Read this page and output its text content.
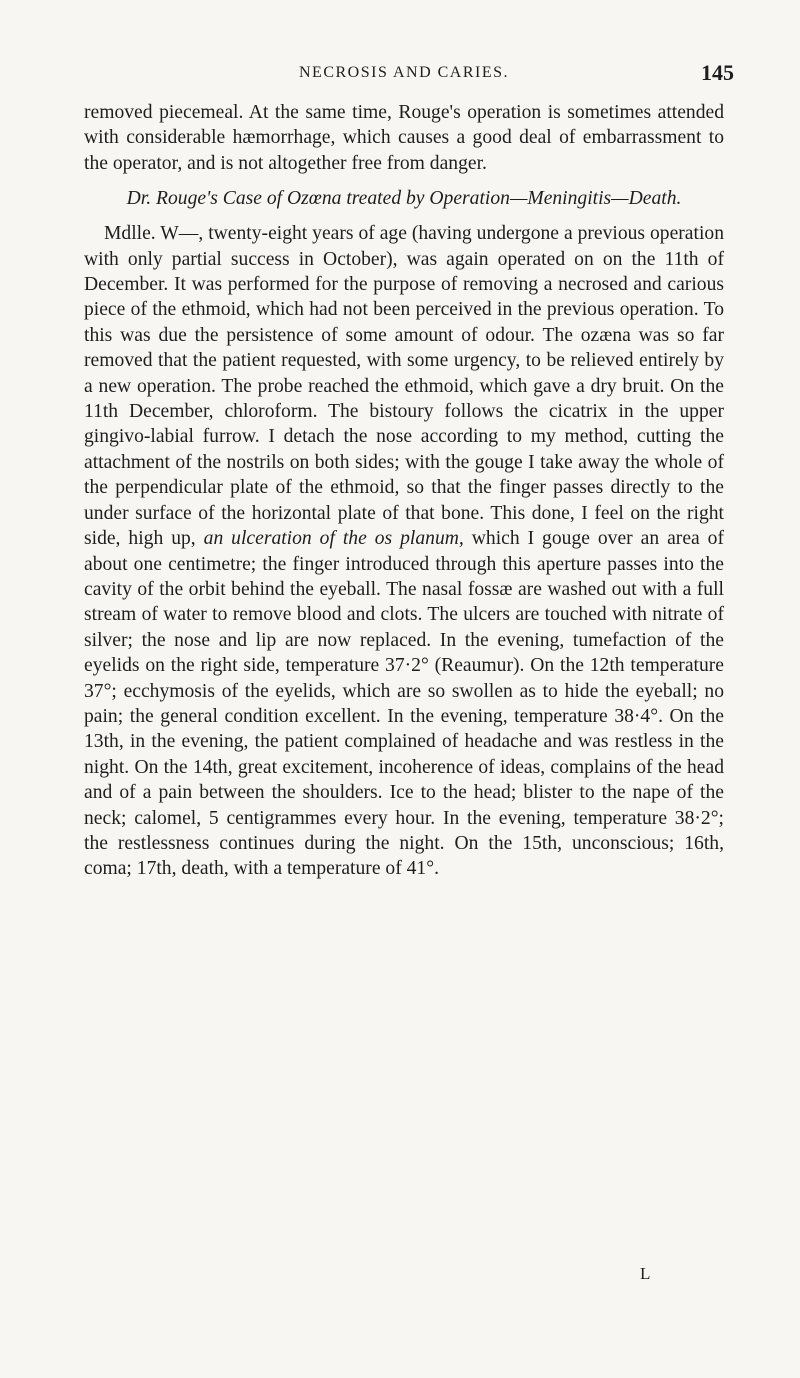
NECROSIS AND CARIES.	145

removed piecemeal. At the same time, Rouge's operation is sometimes attended with considerable hæmorrhage, which causes a good deal of embarrassment to the operator, and is not altogether free from danger.

Dr. Rouge's Case of Ozœna treated by Operation—Meningitis—Death.

Mdlle. W—, twenty-eight years of age (having undergone a previous operation with only partial success in October), was again operated on on the 11th of December. It was performed for the purpose of removing a necrosed and carious piece of the ethmoid, which had not been perceived in the previous operation. To this was due the persistence of some amount of odour. The ozæna was so far removed that the patient requested, with some urgency, to be relieved entirely by a new operation. The probe reached the ethmoid, which gave a dry bruit. On the 11th December, chloroform. The bistoury follows the cicatrix in the upper gingivo-labial furrow. I detach the nose according to my method, cutting the attachment of the nostrils on both sides; with the gouge I take away the whole of the perpendicular plate of the ethmoid, so that the finger passes directly to the under surface of the horizontal plate of that bone. This done, I feel on the right side, high up, an ulceration of the os planum, which I gouge over an area of about one centimetre; the finger introduced through this aperture passes into the cavity of the orbit behind the eyeball. The nasal fossæ are washed out with a full stream of water to remove blood and clots. The ulcers are touched with nitrate of silver; the nose and lip are now replaced. In the evening, tumefaction of the eyelids on the right side, temperature 37·2° (Reaumur). On the 12th temperature 37°; ecchymosis of the eyelids, which are so swollen as to hide the eyeball; no pain; the general condition excellent. In the evening, temperature 38·4°. On the 13th, in the evening, the patient complained of headache and was restless in the night. On the 14th, great excitement, incoherence of ideas, complains of the head and of a pain between the shoulders. Ice to the head; blister to the nape of the neck; calomel, 5 centigrammes every hour. In the evening, temperature 38·2°; the restlessness continues during the night. On the 15th, unconscious; 16th, coma; 17th, death, with a temperature of 41°.

L
